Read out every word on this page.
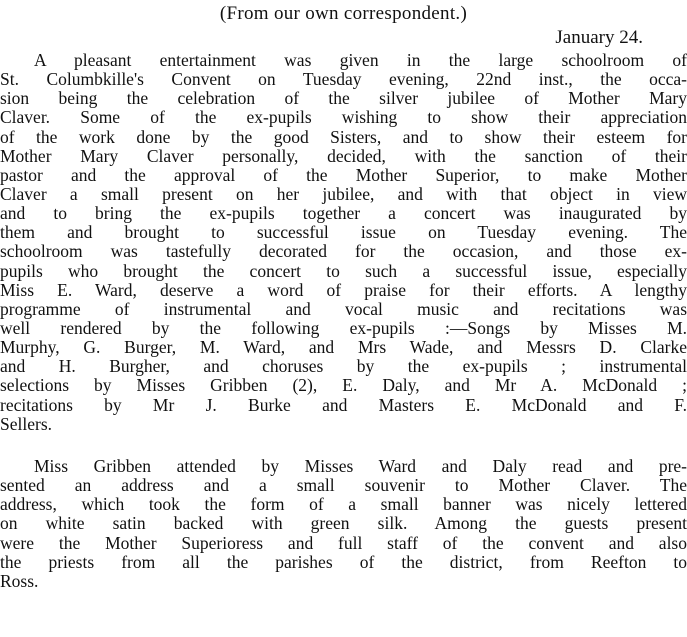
(From our own correspondent.)
January 24.
A pleasant entertainment was given in the large schoolroom of
St. Columbkille's Convent on Tuesday evening, 22nd inst., the occa-
sion being the celebration of the silver jubilee of Mother Mary
Claver. Some of the ex-pupils wishing to show their appreciation
of the work done by the good Sisters, and to show their esteem for
Mother Mary Claver personally, decided, with the sanction of their
pastor and the approval of the Mother Superior, to make Mother
Claver a small present on her jubilee, and with that object in view
and to bring the ex-pupils together a concert was inaugurated by
them and brought to successful issue on Tuesday evening. The
schoolroom was tastefully decorated for the occasion, and those ex-
pupils who brought the concert to such a successful issue, especially
Miss E. Ward, deserve a word of praise for their efforts. A lengthy
programme of instrumental and vocal music and recitations was
well rendered by the following ex-pupils :—Songs by Misses M.
Murphy, G. Burger, M. Ward, and Mrs Wade, and Messrs D. Clarke
and H. Burgher, and choruses by the ex-pupils ; instrumental
selections by Misses Gribben (2), E. Daly, and Mr A. McDonald ;
recitations by Mr J. Burke and Masters E. McDonald and F.
Sellers.
Miss Gribben attended by Misses Ward and Daly read and pre-
sented an address and a small souvenir to Mother Claver. The
address, which took the form of a small banner was nicely lettered
on white satin backed with green silk. Among the guests present
were the Mother Superioress and full staff of the convent and also
the priests from all the parishes of the district, from Reefton to
Ross.
